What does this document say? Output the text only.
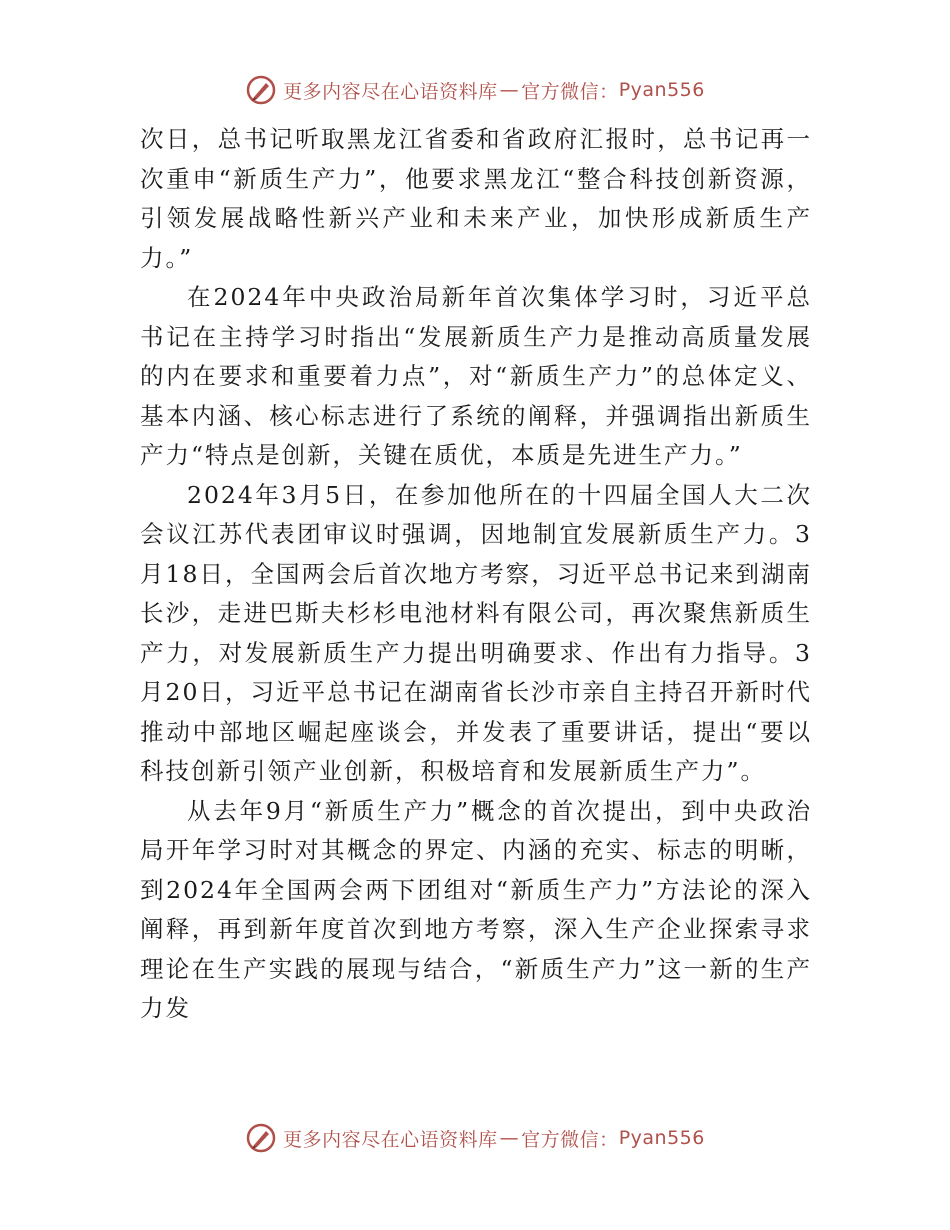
更多内容尽在心语资料库 — 官方微信： Pyan556

次日，总书记听取黑龙江省委和省政府汇报时，总书记再一次重申“新质生产力”，他要求黑龙江“整合科技创新资源，引领发展战略性新兴产业和未来产业，加快形成新质生产力。”

在2024年中央政治局新年首次集体学习时，习近平总书记在主持学习时指出“发展新质生产力是推动高质量发展的内在要求和重要着力点”，对“新质生产力”的总体定义、基本内涵、核心标志进行了系统的阐释，并强调指出新质生产力“特点是创新，关键在质优，本质是先进生产力。”

2024年3月5日，在参加他所在的十四届全国人大二次会议江苏代表团审议时强调，因地制宜发展新质生产力。3月18日，全国两会后首次地方考察，习近平总书记来到湖南长沙，走进巴斯夫杉杉电池材料有限公司，再次聚焦新质生产力，对发展新质生产力提出明确要求、作出有力指导。3月20日，习近平总书记在湖南省长沙市亲自主持召开新时代推动中部地区崛起座谈会，并发表了重要讲话，提出“要以科技创新引领产业创新，积极培育和发展新质生产力”。

从去年9月“新质生产力”概念的首次提出，到中央政治局开年学习时对其概念的界定、内涵的充实、标志的明晰，到2024年全国两会两下团组对“新质生产力”方法论的深入阐释，再到新年度首次到地方考察，深入生产企业探索寻求理论在生产实践的展现与结合，“新质生产力”这一新的生产力发

更多内容尽在心语资料库 — 官方微信： Pyan556
